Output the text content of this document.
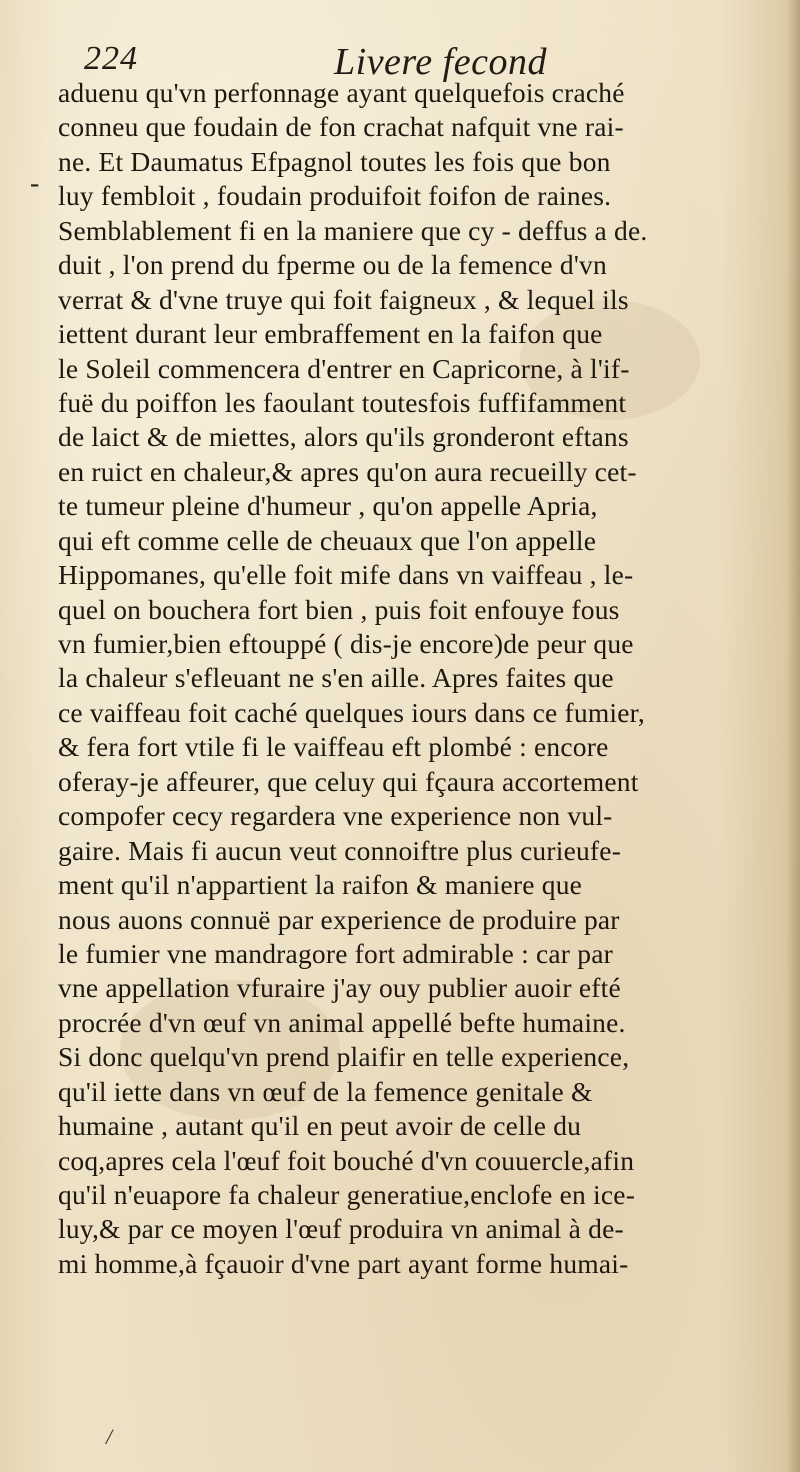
224	Livere fecond
-
aduenu qu'vn perfonnage ayant quelquefois craché
conneu que foudain de fon crachat nafquit vne rai-
ne. Et Daumatus Efpagnol toutes les fois que bon
luy fembloit , foudain produifoit foifon de raines.
Semblablement fi en la maniere que cy - deffus a de.
duit , l'on prend du fperme ou de la femence d'vn
verrat & d'vne truye qui foit faigneux , & lequel ils
iettent durant leur embraffement en la faifon que
le Soleil commencera d'entrer en Capricorne, à l'if-
fuë du poiffon les faoulant toutesfois fuffifamment
de laict & de miettes, alors qu'ils gronderont eftans
en ruict en chaleur,& apres qu'on aura recueilly cet-
te tumeur pleine d'humeur , qu'on appelle Apria,
qui eft comme celle de cheuaux que l'on appelle
Hippomanes, qu'elle foit mife dans vn vaiffeau , le-
quel on bouchera fort bien , puis foit enfouye fous
vn fumier,bien eftouppé ( dis-je encore)de peur que
la chaleur s'efleuant ne s'en aille. Apres faites que
ce vaiffeau foit caché quelques iours dans ce fumier,
& fera fort vtile fi le vaiffeau eft plombé : encore
oferay-je affeurer, que celuy qui fçaura accortement
compofer cecy regardera vne experience non vul-
gaire. Mais fi aucun veut connoiftre plus curieufe-
ment qu'il n'appartient la raifon & maniere que
nous auons connuë par experience de produire par
le fumier vne mandragore fort admirable : car par
vne appellation vfuraire j'ay ouy publier auoir efté
procrée d'vn œuf vn animal appellé befte humaine.
Si donc quelqu'vn prend plaifir en telle experience,
qu'il iette dans vn œuf de la femence genitale &
humaine , autant qu'il en peut avoir de celle du
coq,apres cela l'œuf foit bouché d'vn couuercle,afin
qu'il n'euapore fa chaleur generatiue,enclofe en ice-
luy,& par ce moyen l'œuf produira vn animal à de-
mi homme,à fçauoir d'vne part ayant forme humai-
/
